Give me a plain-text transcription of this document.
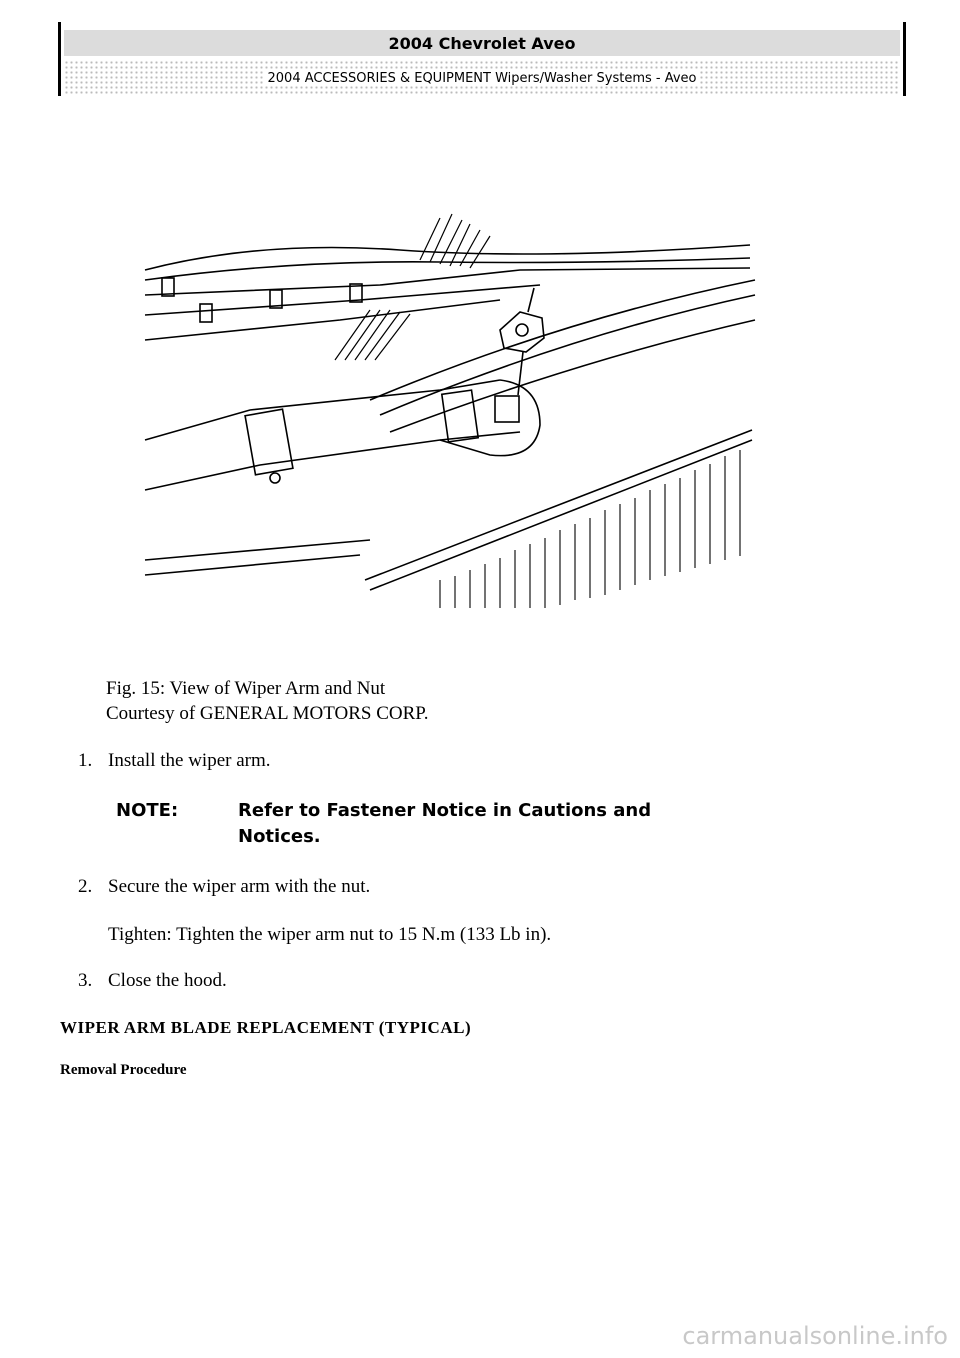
2004 Chevrolet Aveo
2004 ACCESSORIES & EQUIPMENT Wipers/Washer Systems - Aveo
Fig. 15: View of Wiper Arm and Nut
Courtesy of GENERAL MOTORS CORP.
1. Install the wiper arm.
NOTE:	Refer to Fastener Notice in Cautions and Notices.
2. Secure the wiper arm with the nut.
Tighten: Tighten the wiper arm nut to 15 N.m (133 Lb in).
3. Close the hood.
WIPER ARM BLADE REPLACEMENT (TYPICAL)
Removal Procedure
carmanualsonline.info
